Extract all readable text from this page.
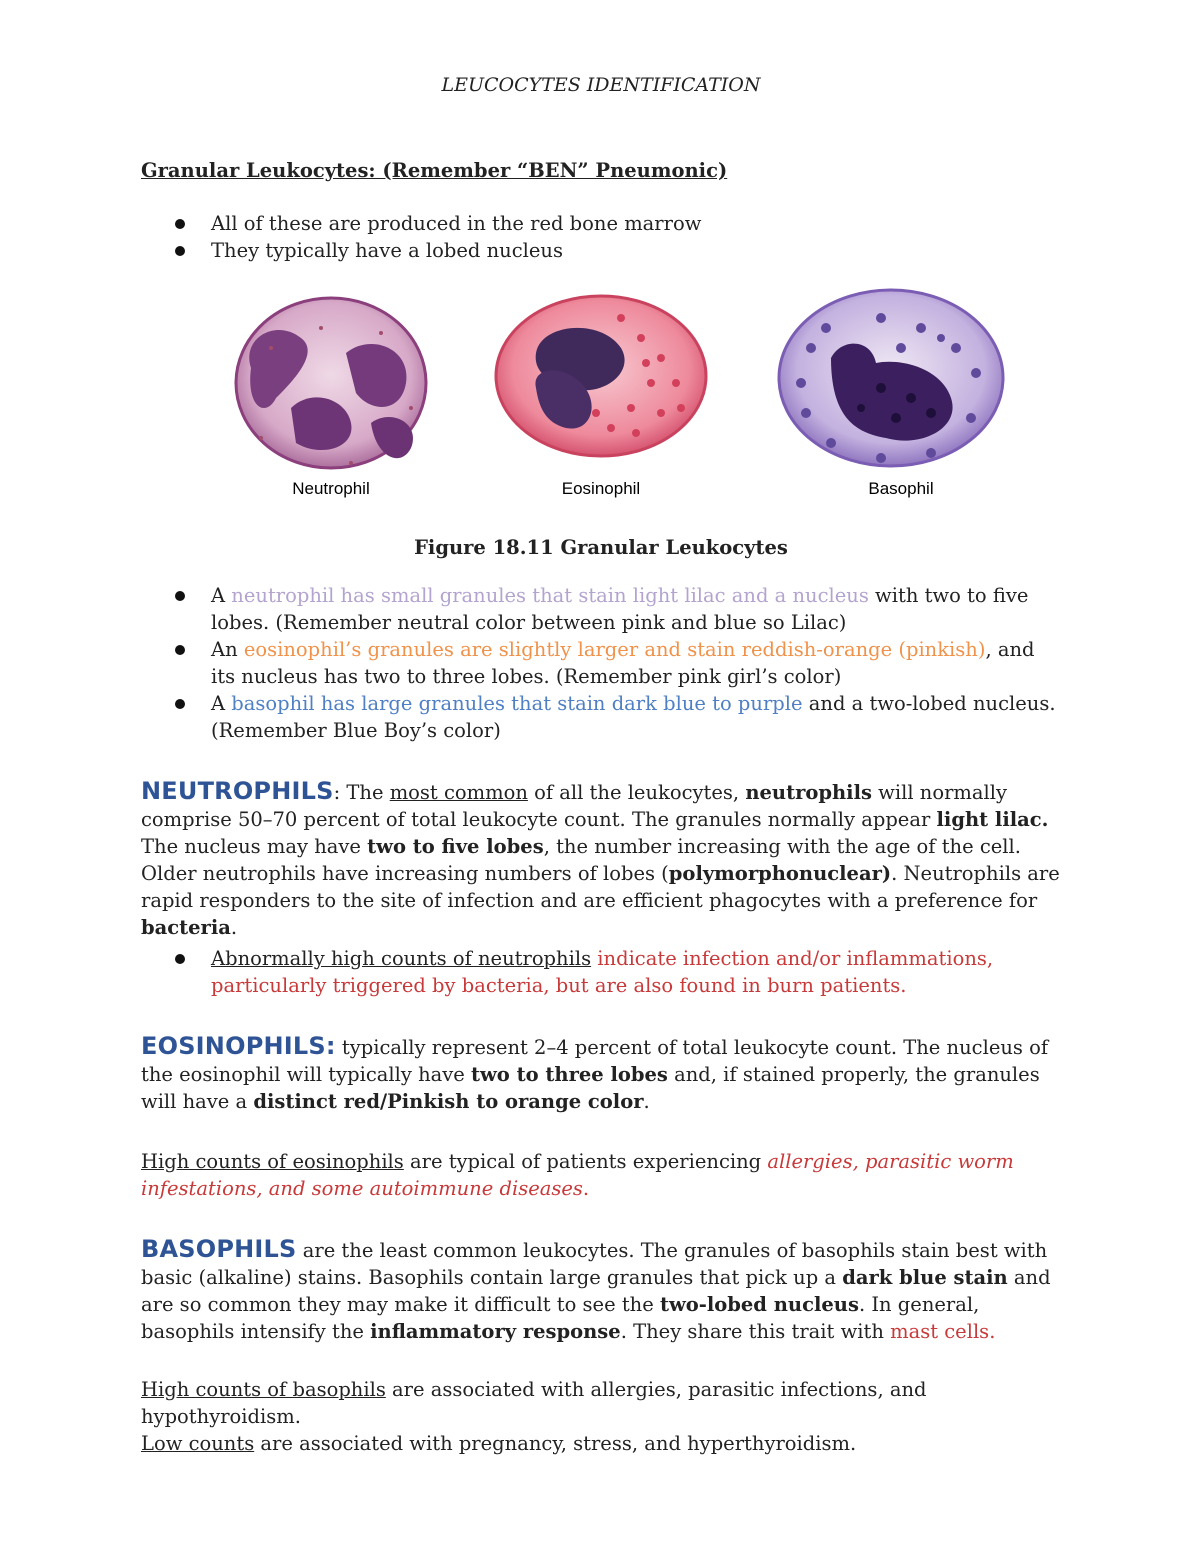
LEUCOCYTES IDENTIFICATION
Granular Leukocytes: (Remember “BEN” Pneumonic)
All of these are produced in the red bone marrow
They typically have a lobed nucleus
Neutrophil	Eosinophil	Basophil
Figure 18.11 Granular Leukocytes
A neutrophil has small granules that stain light lilac and a nucleus with two to five lobes. (Remember neutral color between pink and blue so Lilac)
An eosinophil’s granules are slightly larger and stain reddish-orange (pinkish), and its nucleus has two to three lobes. (Remember pink girl’s color)
A basophil has large granules that stain dark blue to purple and a two-lobed nucleus. (Remember Blue Boy’s color)
NEUTROPHILS: The most common of all the leukocytes, neutrophils will normally comprise 50–70 percent of total leukocyte count. The granules normally appear light lilac. The nucleus may have two to five lobes, the number increasing with the age of the cell. Older neutrophils have increasing numbers of lobes (polymorphonuclear). Neutrophils are rapid responders to the site of infection and are efficient phagocytes with a preference for bacteria.
Abnormally high counts of neutrophils indicate infection and/or inflammations, particularly triggered by bacteria, but are also found in burn patients.
EOSINOPHILS: typically represent 2–4 percent of total leukocyte count. The nucleus of the eosinophil will typically have two to three lobes and, if stained properly, the granules will have a distinct red/Pinkish to orange color.
High counts of eosinophils are typical of patients experiencing allergies, parasitic worm infestations, and some autoimmune diseases.
BASOPHILS are the least common leukocytes. The granules of basophils stain best with basic (alkaline) stains. Basophils contain large granules that pick up a dark blue stain and are so common they may make it difficult to see the two-lobed nucleus. In general, basophils intensify the inflammatory response. They share this trait with mast cells.
High counts of basophils are associated with allergies, parasitic infections, and hypothyroidism.
Low counts are associated with pregnancy, stress, and hyperthyroidism.
